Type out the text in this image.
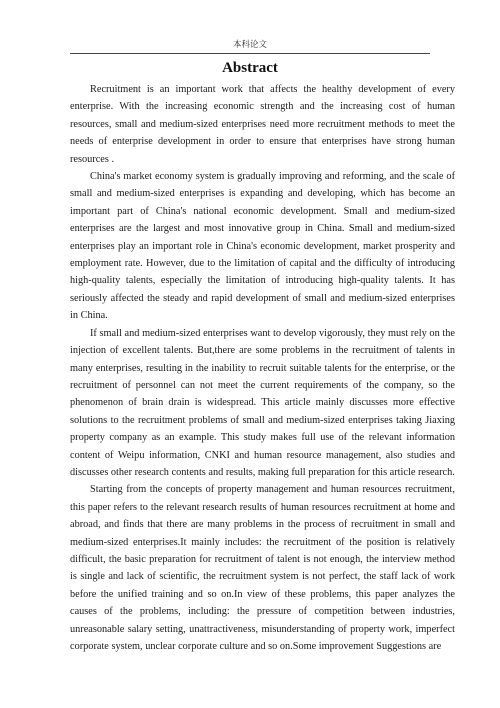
本科论文
Abstract

Recruitment is an important work that affects the healthy development of every enterprise. With the increasing economic strength and the increasing cost of human resources, small and medium-sized enterprises need more recruitment methods to meet the needs of enterprise development in order to ensure that enterprises have strong human resources .

China's market economy system is gradually improving and reforming, and the scale of small and medium-sized enterprises is expanding and developing, which has become an important part of China's national economic development. Small and medium-sized enterprises are the largest and most innovative group in China. Small and medium-sized enterprises play an important role in China's economic development, market prosperity and employment rate. However, due to the limitation of capital and the difficulty of introducing high-quality talents, especially the limitation of introducing high-quality talents. It has seriously affected the steady and rapid development of small and medium-sized enterprises in China.

If small and medium-sized enterprises want to develop vigorously, they must rely on the injection of excellent talents. But,there are some problems in the recruitment of talents in many enterprises, resulting in the inability to recruit suitable talents for the enterprise, or the recruitment of personnel can not meet the current requirements of the company, so the phenomenon of brain drain is widespread. This article mainly discusses more effective solutions to the recruitment problems of small and medium-sized enterprises taking Jiaxing property company as an example. This study makes full use of the relevant information content of Weipu information, CNKI and human resource management, also studies and discusses other research contents and results, making full preparation for this article research.

Starting from the concepts of property management and human resources recruitment, this paper refers to the relevant research results of human resources recruitment at home and abroad, and finds that there are many problems in the process of recruitment in small and medium-sized enterprises.It mainly includes: the recruitment of the position is relatively difficult, the basic preparation for recruitment of talent is not enough, the interview method is single and lack of scientific, the recruitment system is not perfect, the staff lack of work before the unified training and so on.In view of these problems, this paper analyzes the causes of the problems, including: the pressure of competition between industries, unreasonable salary setting, unattractiveness, misunderstanding of property work, imperfect corporate system, unclear corporate culture and so on.Some improvement Suggestions are
